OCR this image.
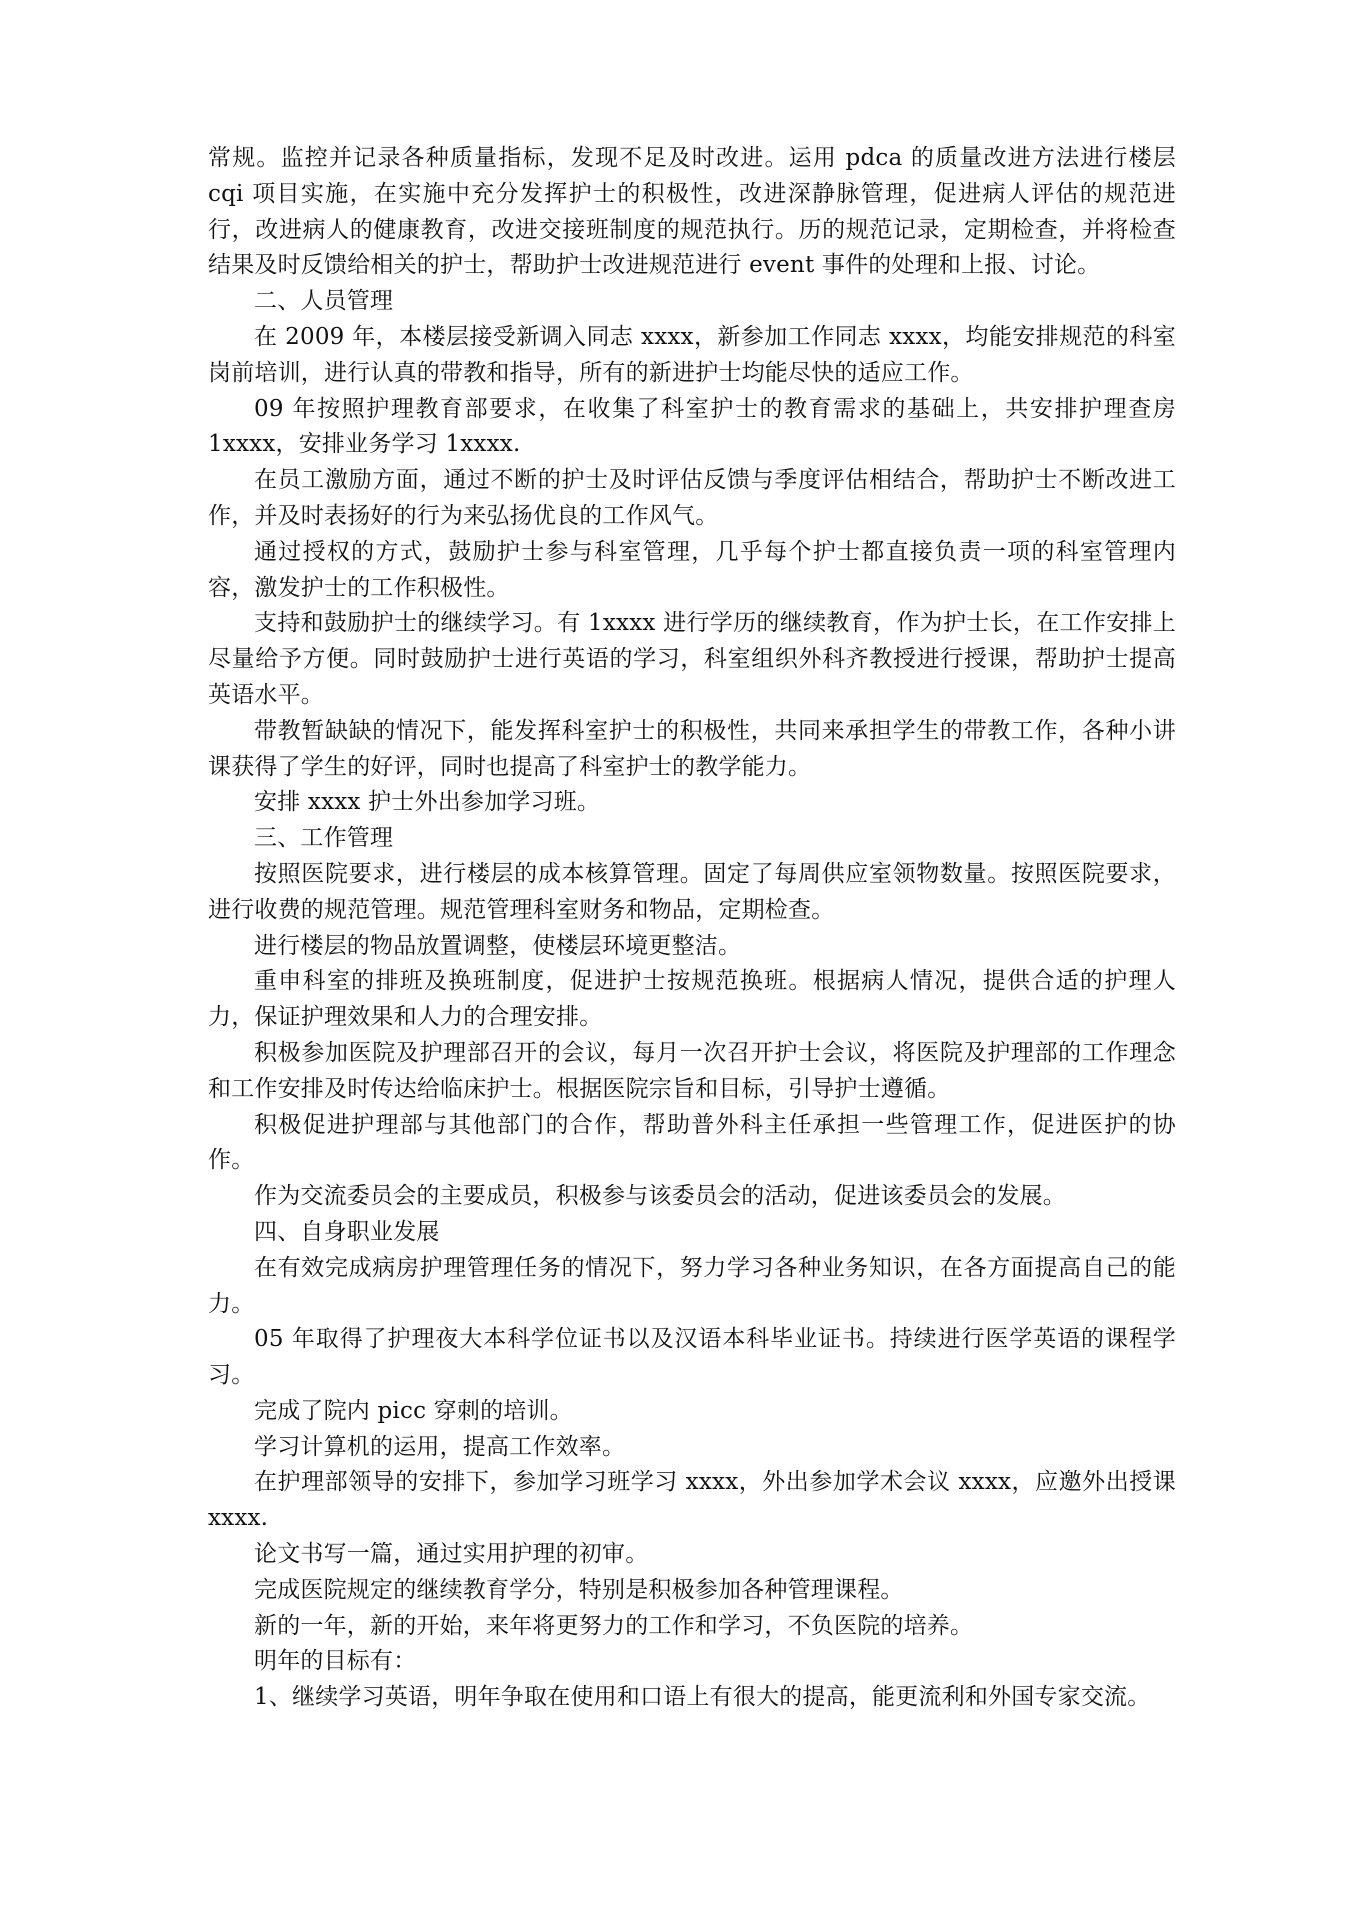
常规。监控并记录各种质量指标，发现不足及时改进。运用 pdca 的质量改进方法进行楼层 cqi 项目实施，在实施中充分发挥护士的积极性，改进深静脉管理，促进病人评估的规范进行，改进病人的健康教育，改进交接班制度的规范执行。历的规范记录，定期检查，并将检查结果及时反馈给相关的护士，帮助护士改进规范进行 event 事件的处理和上报、讨论。

二、人员管理

在 2009 年，本楼层接受新调入同志 xxxx，新参加工作同志 xxxx，均能安排规范的科室岗前培训，进行认真的带教和指导，所有的新进护士均能尽快的适应工作。

09 年按照护理教育部要求，在收集了科室护士的教育需求的基础上，共安排护理查房 1xxxx，安排业务学习 1xxxx.

在员工激励方面，通过不断的护士及时评估反馈与季度评估相结合，帮助护士不断改进工作，并及时表扬好的行为来弘扬优良的工作风气。

通过授权的方式，鼓励护士参与科室管理，几乎每个护士都直接负责一项的科室管理内容，激发护士的工作积极性。

支持和鼓励护士的继续学习。有 1xxxx 进行学历的继续教育，作为护士长，在工作安排上尽量给予方便。同时鼓励护士进行英语的学习，科室组织外科齐教授进行授课，帮助护士提高英语水平。

带教暂缺缺的情况下，能发挥科室护士的积极性，共同来承担学生的带教工作，各种小讲课获得了学生的好评，同时也提高了科室护士的教学能力。

安排 xxxx 护士外出参加学习班。

三、工作管理

按照医院要求，进行楼层的成本核算管理。固定了每周供应室领物数量。按照医院要求，进行收费的规范管理。规范管理科室财务和物品，定期检查。

进行楼层的物品放置调整，使楼层环境更整洁。

重申科室的排班及换班制度，促进护士按规范换班。根据病人情况，提供合适的护理人力，保证护理效果和人力的合理安排。

积极参加医院及护理部召开的会议，每月一次召开护士会议，将医院及护理部的工作理念和工作安排及时传达给临床护士。根据医院宗旨和目标，引导护士遵循。

积极促进护理部与其他部门的合作，帮助普外科主任承担一些管理工作，促进医护的协作。

作为交流委员会的主要成员，积极参与该委员会的活动，促进该委员会的发展。

四、自身职业发展

在有效完成病房护理管理任务的情况下，努力学习各种业务知识，在各方面提高自己的能力。

05 年取得了护理夜大本科学位证书以及汉语本科毕业证书。持续进行医学英语的课程学习。

完成了院内 picc 穿刺的培训。

学习计算机的运用，提高工作效率。

在护理部领导的安排下，参加学习班学习 xxxx，外出参加学术会议 xxxx，应邀外出授课 xxxx.

论文书写一篇，通过实用护理的初审。

完成医院规定的继续教育学分，特别是积极参加各种管理课程。

新的一年，新的开始，来年将更努力的工作和学习，不负医院的培养。

明年的目标有：

1、继续学习英语，明年争取在使用和口语上有很大的提高，能更流利和外国专家交流。
